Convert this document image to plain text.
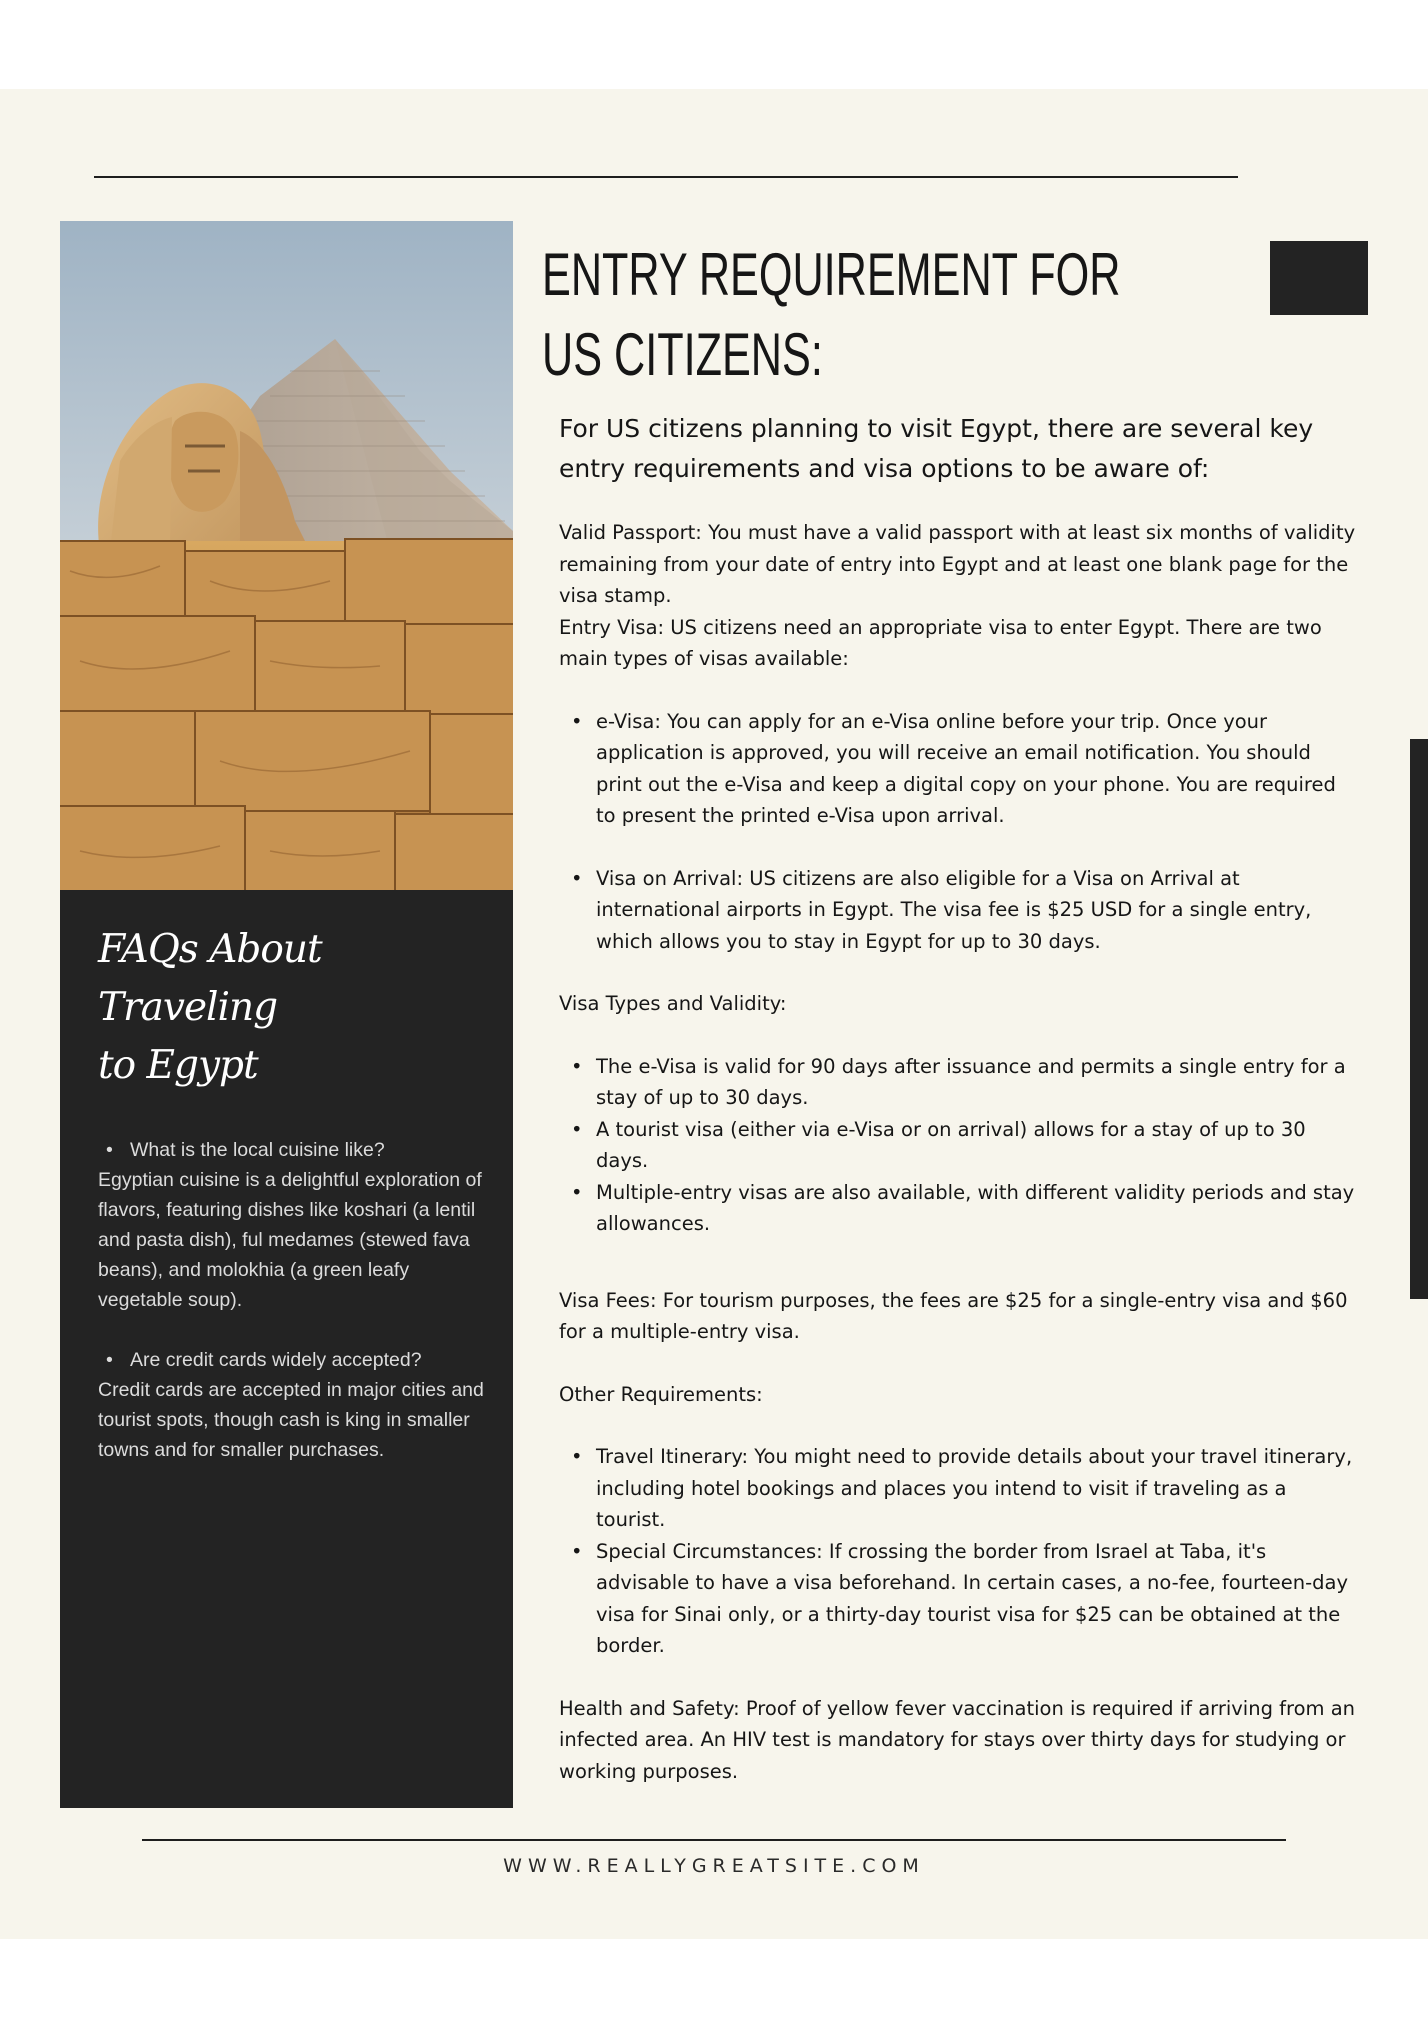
FAQs About Traveling
to Egypt
• What is the local cuisine like?
Egyptian cuisine is a delightful exploration of flavors, featuring dishes like koshari (a lentil and pasta dish), ful medames (stewed fava beans), and molokhia (a green leafy vegetable soup).
• Are credit cards widely accepted?
Credit cards are accepted in major cities and tourist spots, though cash is king in smaller towns and for smaller purchases.
ENTRY REQUIREMENT FOR
US CITIZENS:

For US citizens planning to visit Egypt, there are several key entry requirements and visa options to be aware of:

Valid Passport: You must have a valid passport with at least six months of validity remaining from your date of entry into Egypt and at least one blank page for the visa stamp.

Entry Visa: US citizens need an appropriate visa to enter Egypt. There are two main types of visas available:

• e-Visa: You can apply for an e-Visa online before your trip. Once your application is approved, you will receive an email notification. You should print out the e-Visa and keep a digital copy on your phone. You are required to present the printed e-Visa upon arrival.
• Visa on Arrival: US citizens are also eligible for a Visa on Arrival at international airports in Egypt. The visa fee is $25 USD for a single entry, which allows you to stay in Egypt for up to 30 days.

Visa Types and Validity:

• The e-Visa is valid for 90 days after issuance and permits a single entry for a stay of up to 30 days.
• A tourist visa (either via e-Visa or on arrival) allows for a stay of up to 30 days.
• Multiple-entry visas are also available, with different validity periods and stay allowances.

Visa Fees: For tourism purposes, the fees are $25 for a single-entry visa and $60 for a multiple-entry visa.

Other Requirements:

• Travel Itinerary: You might need to provide details about your travel itinerary, including hotel bookings and places you intend to visit if traveling as a tourist.
• Special Circumstances: If crossing the border from Israel at Taba, it's advisable to have a visa beforehand. In certain cases, a no-fee, fourteen-day visa for Sinai only, or a thirty-day tourist visa for $25 can be obtained at the border.

Health and Safety: Proof of yellow fever vaccination is required if arriving from an infected area. An HIV test is mandatory for stays over thirty days for studying or working purposes.

WWW.REALLYGREATSITE.COM
